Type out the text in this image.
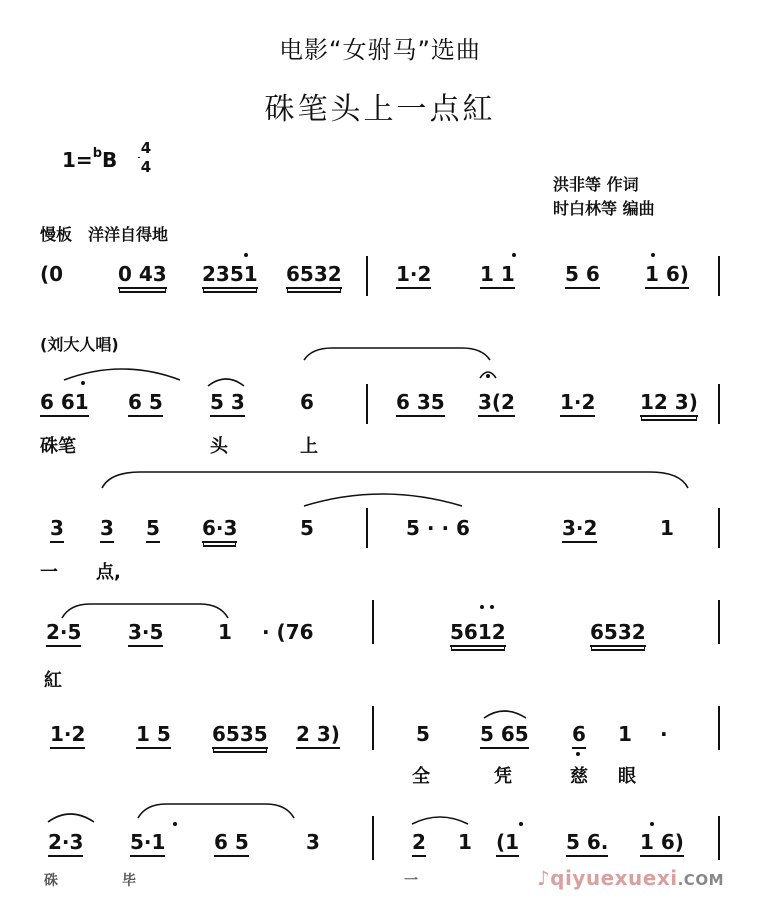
电影“女驸马”选曲
硃笔头上一点紅
1=$^b$B	4
4
洪非等 作词
时白林等 编曲
慢板 洋洋自得地
(0	0 43 2351 6532	1·2 1 1	5 6 1 6)
(刘大人唱)
6 61 6 5 5 3	6	6 35 3(2 1·2 12 3)
硃笔	头	上
3 3 5 6·3	5	5 · · 6	3·2	1
一 点,
2·5 3·5	1 · (76	5612	6532
紅
1·2	1 5 6535 2 3)	5	5 65 6 1 ·
全	凭	慈 眼
2·3 5·1 6 5	3	2 1 (1 5 6. 1 6)
硃	毕	一	♪qiyuexuexi.COM
